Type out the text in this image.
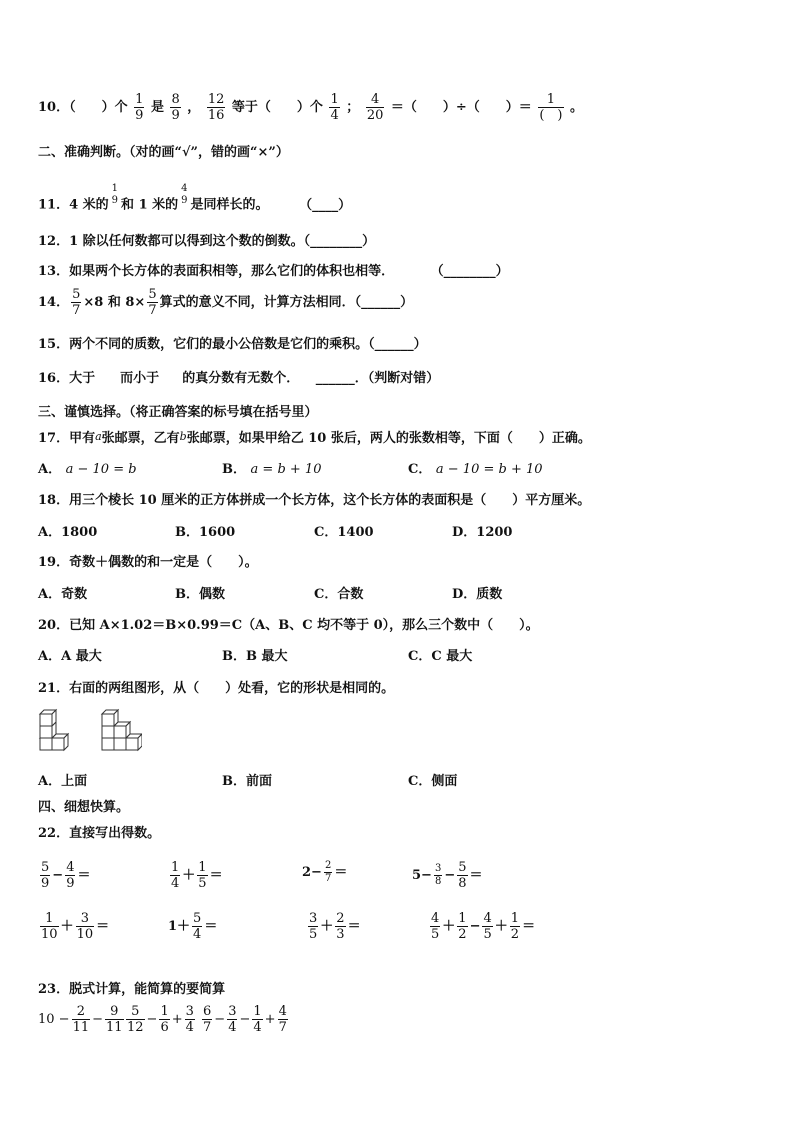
10．（　　）个 $\frac{1}{9}$ 是 $\frac{8}{9}$ ， $\frac{12}{16}$ 等于（　　）个 $\frac{1}{4}$ ； $\frac{4}{20}$ ＝（　　）÷（　　）＝ $\frac{1}{( )}$ 。
二、准确判断。（对的画“√”，错的画“×”）
11．4 米的
1
9 和 1 米的
4
9 是同样长的。 （____）
12．1 除以任何数都可以得到这个数的倒数。（________）
13．如果两个长方体的表面积相等，那么它们的体积也相等．	（________）
14． $\frac{5}{7} \times 8$ 和 $8\times \frac{5}{7}$ 算式的意义不同，计算方法相同．（______）
15．两个不同的质数，它们的最小公倍数是它们的乘积。（______）
16．大于 而小于 的真分数有无数个． ______．（判断对错）
三、谨慎选择。（将正确答案的标号填在括号里）
17．甲有a张邮票，乙有b张邮票，如果甲给乙 10 张后，两人的张数相等，下面（　　）正确。
A． a − 10 = b	B． a = b + 10	C． a − 10 = b + 10
18．用三个棱长 10 厘米的正方体拼成一个长方体，这个长方体的表面积是（　　）平方厘米。
A．1800	B．1600	C．1400	D．1200
19．奇数＋偶数的和一定是（　　）。
A．奇数	B．偶数	C．合数	D．质数
20．已知 A×1.02＝B×0.99＝C（A、B、C 均不等于 0），那么三个数中（　　）。
A．A 最大	B．B 最大	C．C 最大
21．右面的两组图形，从（　　）处看，它的形状是相同的。
A．上面	B．前面	C．侧面
四、细想快算。
22．直接写出得数。
$\frac{5}{9} - \frac{4}{9}$ ＝	$\frac{1}{4} + \frac{1}{5}$ ＝	$2- \frac{2}{7}$ ＝	$5- \frac{3}{8} - \frac{5}{8}$ ＝
$\frac{1}{10} + \frac{3}{10}$ ＝	$1+ \frac{5}{4}$ ＝	$\frac{3}{5} + \frac{2}{3}$ ＝	$\frac{4}{5} + \frac{1}{2} - \frac{4}{5} + \frac{1}{2}$ ＝
23．脱式计算，能简算的要简算
$10 - \frac{2}{11} - \frac{9}{11} \frac{5}{12} - \frac{1}{6} + \frac{3}{4} \frac{6}{7} - \frac{3}{4} - \frac{1}{4} + \frac{4}{7}$
